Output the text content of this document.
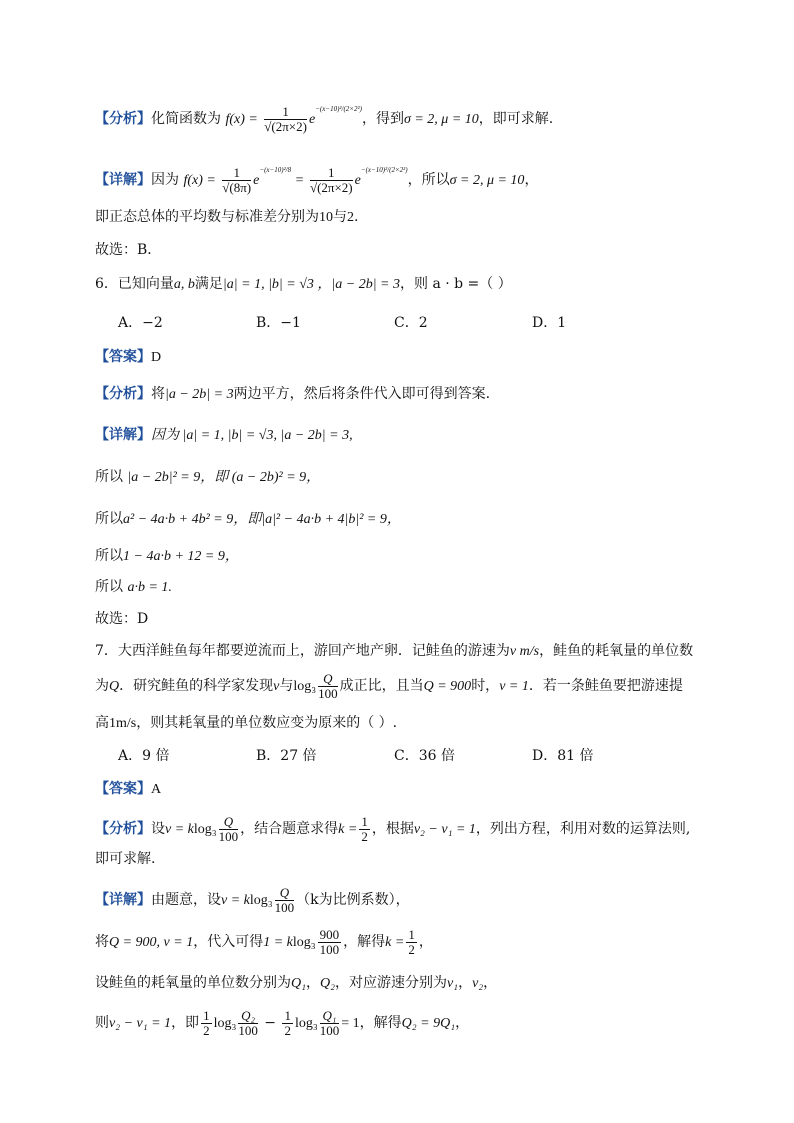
【分析】化简函数为 $f(x) = \frac{1}{√(2\pi\times 2)} e^{-(x-10)^2/(2\times 2^2)}$，得到σ = 2, μ = 10，即可求解.
【详解】因为 $f(x) = \frac{1}{√(8\pi)} e^{-(x-10)^2/8} = \frac{1}{√(2\pi\times 2)} e^{-(x-10)^2/(2\times 2^2)}$，所以σ = 2, μ = 10，
即正态总体的平均数与标准差分别为10与2.
故选：B．
6．已知向量a, b满足|a| = 1, |b| = √3 ，|a − 2b| = 3，则 a · b =（ ）
A．−2	B．−1	C．2	D．1
【答案】D
【分析】将|a − 2b| = 3两边平方，然后将条件代入即可得到答案.
【详解】因为 |a| = 1, |b| = √3, |a − 2b| = 3,
所以 |a − 2b|² = 9，即 (a − 2b)² = 9，
所以a² − 4a·b + 4b² = 9，即|a|² − 4a·b + 4|b|² = 9，
所以1 − 4a·b + 12 = 9，
所以 a·b = 1.
故选：D
7．大西洋鲑鱼每年都要逆流而上，游回产地产卵．记鲑鱼的游速为v m/s，鲑鱼的耗氧量的单位数
为Q．研究鲑鱼的科学家发现v与$\log_3 \frac{Q}{100}$ 成正比，且当Q = 900时，v = 1．若一条鲑鱼要把游速提
高1m/s，则其耗氧量的单位数应变为原来的（ ）.
A．9 倍	B．27 倍	C．36 倍	D．81 倍
【答案】A
【分析】设$v = klog_3 \frac{Q}{100}$ ，结合题意求得$k = \frac{1}{2}$ ，根据v₂ − v₁ = 1，列出方程，利用对数的运算法则,
即可求解.
【详解】由题意，设$v = klog_3 \frac{Q}{100} (k$为比例系数），
将Q = 900, v = 1，代入可得$1 = klog_3 \frac{900}{100}$ ，解得$k = \frac{1}{2}$ ，
设鲑鱼的耗氧量的单位数分别为Q₁，Q₂，对应游速分别为v₁，v₂，
则v₂ − v₁ = 1，即 $\frac{1}{2} \log_3 \frac{\text{Q₂}}{100} - \frac{1}{2} \log_3 \frac{\text{Q₁}}{100} = 1$，解得Q₂ = 9Q₁，
